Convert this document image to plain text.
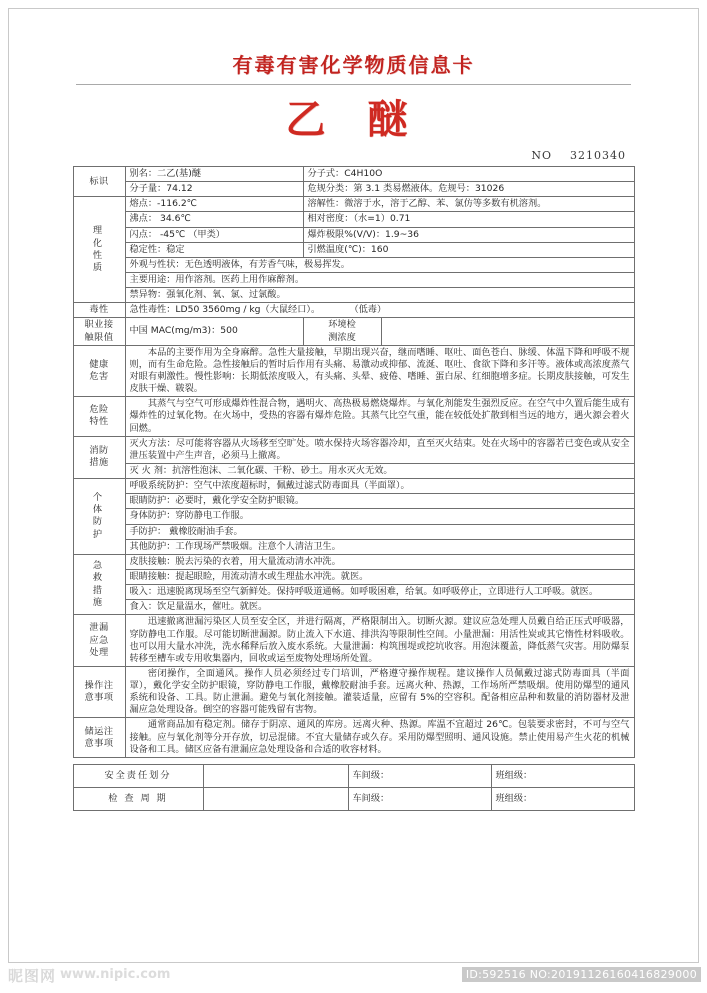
有毒有害化学物质信息卡
乙 醚
NO 3210340
标识	别名：二乙(基)醚	分子式：C4H10O	
	分子量：74.12	危规分类：第 3.1 类易燃液体。危规号：31026	
理
化
性
质	熔点：-116.2℃	溶解性：微溶于水，溶于乙醇、苯、氯仿等多数有机溶剂。	
	沸点： 34.6℃	相对密度：（水=1）0.71	
	闪点： -45℃ （甲类）	爆炸极限%(V/V)：1.9~36	
	稳定性：稳定	引燃温度(℃)：160	
	外观与性状：无色透明液体，有芳香气味，极易挥发。		
	主要用途：用作溶剂。医药上用作麻醉剂。		
	禁异物：强氧化剂、氧、氯、过氯酸。		
毒性	急性毒性：LD50 3560mg / kg（大鼠经口）。 （低毒）		
职业接
触限值	中国 MAC(mg/m3)：500	环境检
测浓度	
健康
危害	本品的主要作用为全身麻醉。急性大量接触，早期出现兴奋，继而嗜睡、呕吐、面色苍白、脉缓、体温下降和呼吸不规则，而有生命危险。急性接触后的暂时后作用有头痛、易激动或抑郁、流涎、呕吐、食欲下降和多汗等。液体或高浓度蒸气对眼有刺激性。慢性影响：长期低浓度吸入，有头痛、头晕、疲倦、嗜睡、蛋白尿、红细胞增多症。长期皮肤接触，可发生皮肤干燥、皲裂。		
危险
特性	其蒸气与空气可形成爆炸性混合物，遇明火、高热极易燃烧爆炸。与氧化剂能发生强烈反应。在空气中久置后能生成有爆炸性的过氧化物。在火场中，受热的容器有爆炸危险。其蒸气比空气重，能在较低处扩散到相当远的地方，遇火源会着火回燃。		
消防
措施	灭火方法：尽可能将容器从火场移至空旷处。喷水保持火场容器冷却，直至灭火结束。处在火场中的容器若已变色或从安全泄压装置中产生声音，必须马上撤离。		
	灭 火 剂：抗溶性泡沫、二氧化碳、干粉、砂土。用水灭火无效。		
个
体
防
护	呼吸系统防护：空气中浓度超标时，佩戴过滤式防毒面具（半面罩）。		
	眼睛防护：必要时，戴化学安全防护眼镜。		
	身体防护：穿防静电工作服。		
	手防护： 戴橡胶耐油手套。		
	其他防护：工作现场严禁吸烟。注意个人清洁卫生。		
急
救
措
施	皮肤接触：脱去污染的衣着，用大量流动清水冲洗。		
	眼睛接触：提起眼睑，用流动清水或生理盐水冲洗。就医。		
	吸入：迅速脱离现场至空气新鲜处。保持呼吸道通畅。如呼吸困难，给氧。如呼吸停止，立即进行人工呼吸。就医。		
	食入：饮足量温水，催吐。就医。		
泄漏
应急
处理	迅速撤离泄漏污染区人员至安全区，并进行隔离，严格限制出入。切断火源。建议应急处理人员戴自给正压式呼吸器，穿防静电工作服。尽可能切断泄漏源。防止流入下水道、排洪沟等限制性空间。小量泄漏：用活性炭或其它惰性材料吸收。也可以用大量水冲洗，洗水稀释后放入废水系统。大量泄漏：构筑围堤或挖坑收容。用泡沫覆盖，降低蒸气灾害。用防爆泵转移至槽车或专用收集器内，回收或运至废物处理场所处置。		
操作注
意事项	密闭操作，全面通风。操作人员必须经过专门培训，严格遵守操作规程。建议操作人员佩戴过滤式防毒面具（半面罩），戴化学安全防护眼镜，穿防静电工作服，戴橡胶耐油手套。远离火种、热源，工作场所严禁吸烟。使用防爆型的通风系统和设备、工具。防止泄漏。避免与氧化剂接触。灌装适量，应留有 5%的空容积。配备相应品种和数量的消防器材及泄漏应急处理设备。倒空的容器可能残留有害物。		
储运注
意事项	通常商品加有稳定剂。储存于阴凉、通风的库房。远离火种、热源。库温不宜超过 26℃。包装要求密封，不可与空气接触。应与氧化剂等分开存放，切忌混储。不宜大量储存或久存。采用防爆型照明、通风设施。禁止使用易产生火花的机械设备和工具。储区应备有泄漏应急处理设备和合适的收容材料。		
安全责任划分		车间级：	班组级：
检 查 周 期		车间级：	班组级：
昵图网 www.nipic.com	ID:592516 NO:20191126160416829000
